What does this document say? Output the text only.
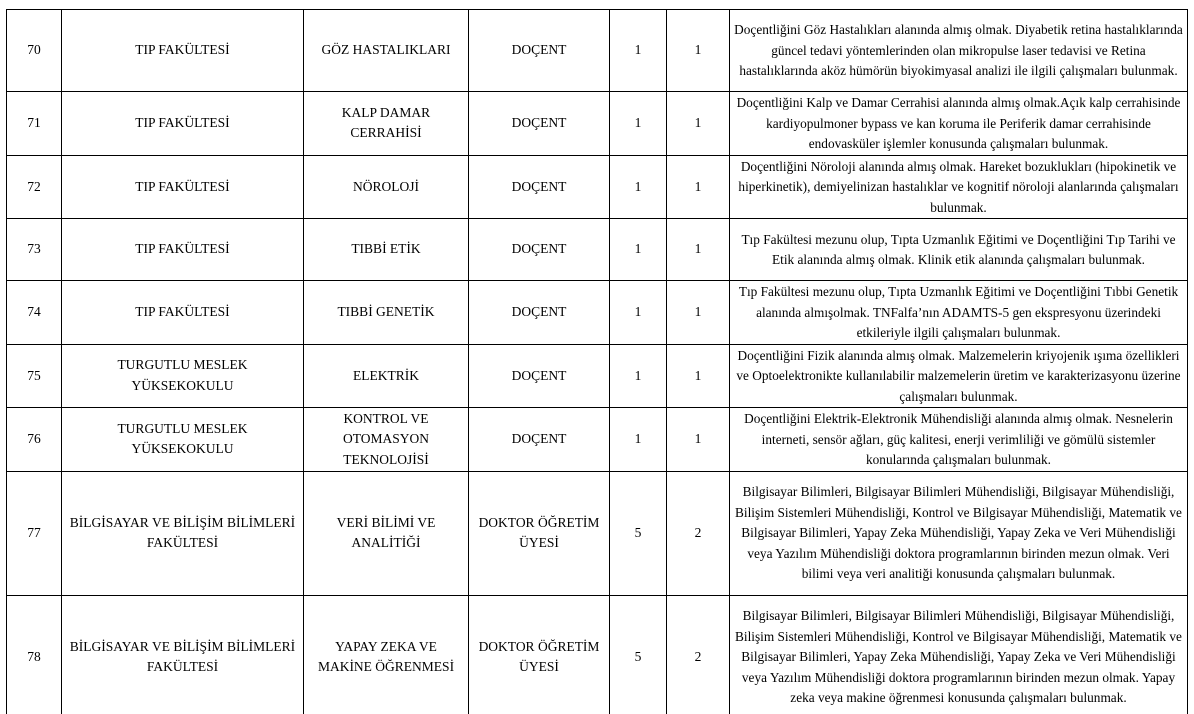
70	TIP FAKÜLTESİ	GÖZ HASTALIKLARI	DOÇENT	1	1	Doçentliğini Göz Hastalıkları alanında almış olmak. Diyabetik retina hastalıklarında güncel tedavi yöntemlerinden olan mikropulse laser tedavisi ve Retina hastalıklarında aköz hümörün biyokimyasal analizi ile ilgili çalışmaları bulunmak.
71	TIP FAKÜLTESİ	KALP DAMAR CERRAHİSİ	DOÇENT	1	1	Doçentliğini Kalp ve Damar Cerrahisi alanında almış olmak.Açık kalp cerrahisinde kardiyopulmoner bypass ve kan koruma ile Periferik damar cerrahisinde endovasküler işlemler konusunda çalışmaları bulunmak.
72	TIP FAKÜLTESİ	NÖROLOJİ	DOÇENT	1	1	Doçentliğini Nöroloji alanında almış olmak. Hareket bozuklukları (hipokinetik ve hiperkinetik), demiyelinizan hastalıklar ve kognitif nöroloji alanlarında çalışmaları bulunmak.
73	TIP FAKÜLTESİ	TIBBİ ETİK	DOÇENT	1	1	Tıp Fakültesi mezunu olup, Tıpta Uzmanlık Eğitimi ve Doçentliğini Tıp Tarihi ve Etik alanında almış olmak. Klinik etik alanında çalışmaları bulunmak.
74	TIP FAKÜLTESİ	TIBBİ GENETİK	DOÇENT	1	1	Tıp Fakültesi mezunu olup, Tıpta Uzmanlık Eğitimi ve Doçentliğini Tıbbi Genetik alanında almışolmak. TNFalfa’nın ADAMTS-5 gen ekspresyonu üzerindeki etkileriyle ilgili çalışmaları bulunmak.
75	TURGUTLU MESLEK YÜKSEKOKULU	ELEKTRİK	DOÇENT	1	1	Doçentliğini Fizik alanında almış olmak. Malzemelerin kriyojenik ışıma özellikleri ve Optoelektronikte kullanılabilir malzemelerin üretim ve karakterizasyonu üzerine çalışmaları bulunmak.
76	TURGUTLU MESLEK YÜKSEKOKULU	KONTROL VE OTOMASYON TEKNOLOJİSİ	DOÇENT	1	1	Doçentliğini Elektrik-Elektronik Mühendisliği alanında almış olmak. Nesnelerin interneti, sensör ağları, güç kalitesi, enerji verimliliği ve gömülü sistemler konularında çalışmaları bulunmak.
77	BİLGİSAYAR VE BİLİŞİM BİLİMLERİ FAKÜLTESİ	VERİ BİLİMİ VE ANALİTİĞİ	DOKTOR ÖĞRETİM ÜYESİ	5	2	Bilgisayar Bilimleri, Bilgisayar Bilimleri Mühendisliği, Bilgisayar Mühendisliği, Bilişim Sistemleri Mühendisliği, Kontrol ve Bilgisayar Mühendisliği, Matematik ve Bilgisayar Bilimleri, Yapay Zeka Mühendisliği, Yapay Zeka ve Veri Mühendisliği veya Yazılım Mühendisliği doktora programlarının birinden mezun olmak. Veri bilimi veya veri analitiği konusunda çalışmaları bulunmak.
78	BİLGİSAYAR VE BİLİŞİM BİLİMLERİ FAKÜLTESİ	YAPAY ZEKA VE MAKİNE ÖĞRENMESİ	DOKTOR ÖĞRETİM ÜYESİ	5	2	Bilgisayar Bilimleri, Bilgisayar Bilimleri Mühendisliği, Bilgisayar Mühendisliği, Bilişim Sistemleri Mühendisliği, Kontrol ve Bilgisayar Mühendisliği, Matematik ve Bilgisayar Bilimleri, Yapay Zeka Mühendisliği, Yapay Zeka ve Veri Mühendisliği veya Yazılım Mühendisliği doktora programlarının birinden mezun olmak. Yapay zeka veya makine öğrenmesi konusunda çalışmaları bulunmak.
